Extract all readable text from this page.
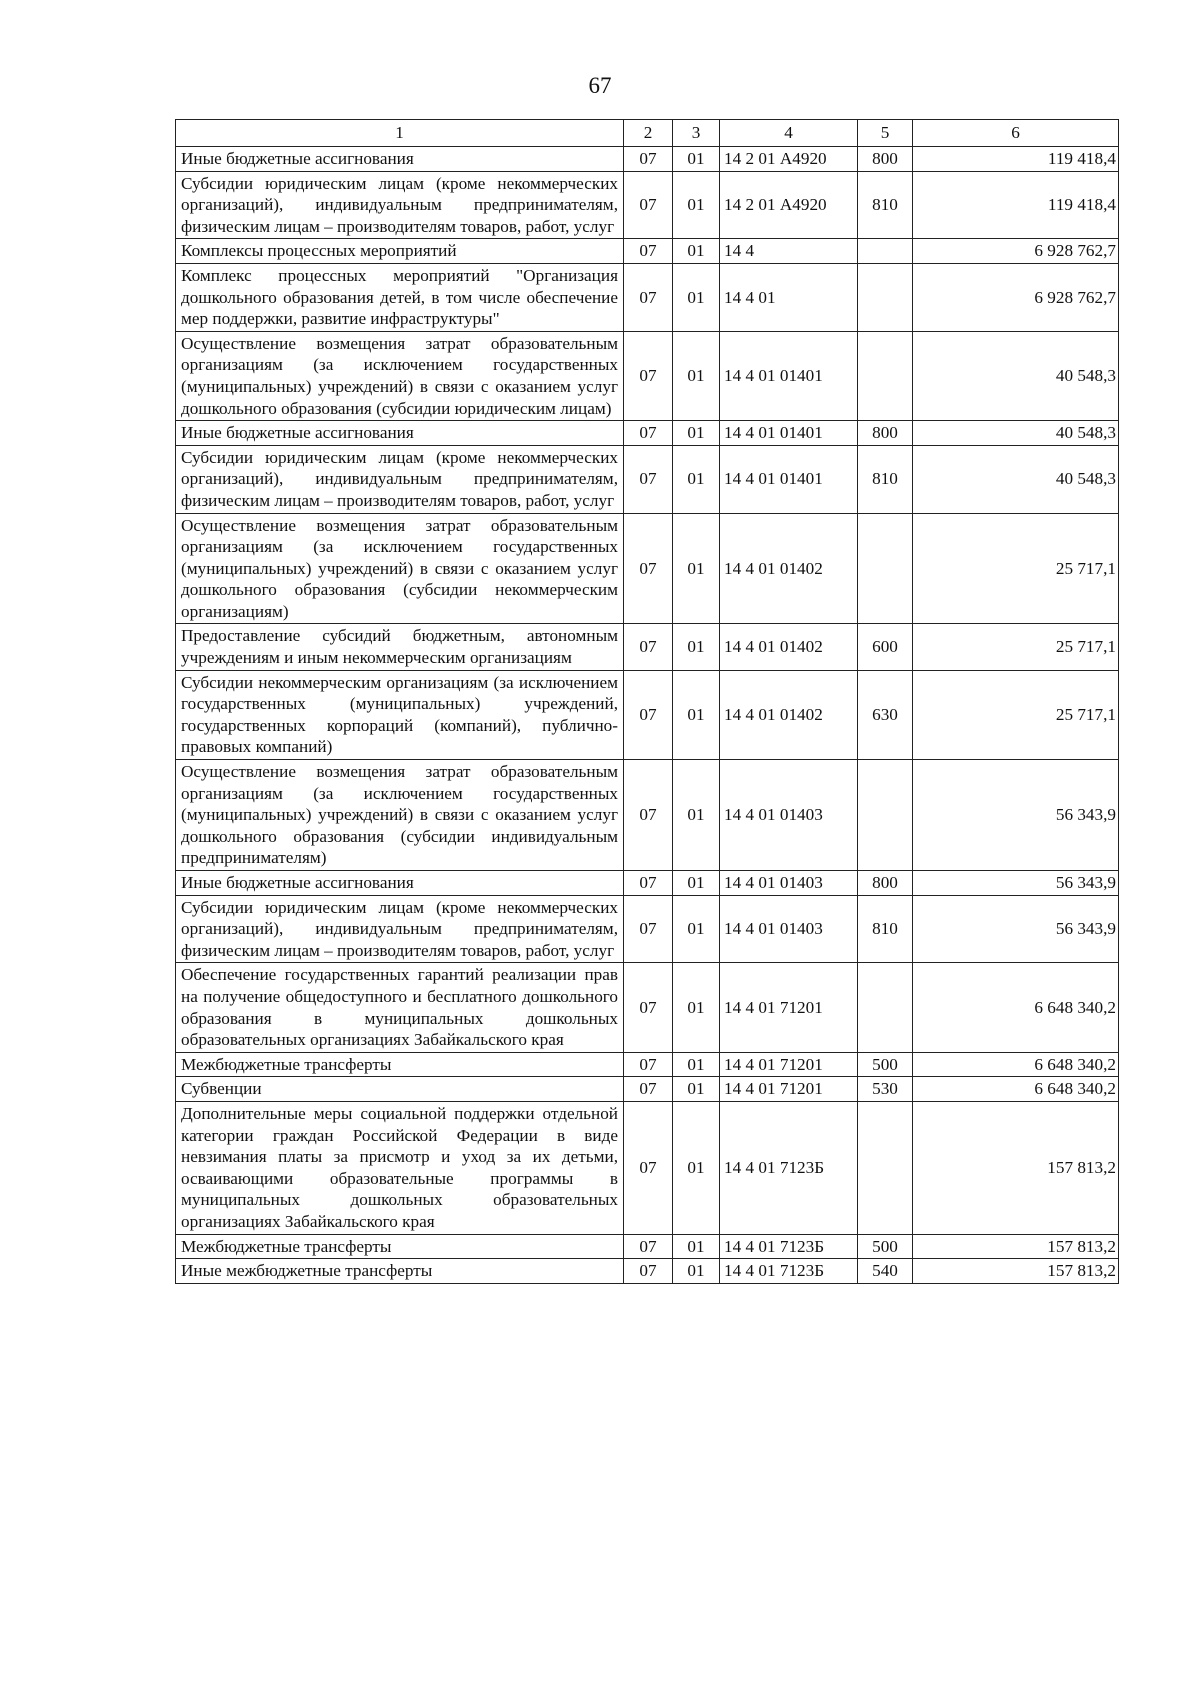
67
1	2	3	4	5	6
Иные бюджетные ассигнования	07	01	14 2 01 А4920	800	119 418,4
Субсидии юридическим лицам (кроме некоммерческих организаций), индивидуальным предпринимателям, физическим лицам – производителям товаров, работ, услуг	07	01	14 2 01 А4920	810	119 418,4
Комплексы процессных мероприятий	07	01	14 4		6 928 762,7
Комплекс процессных мероприятий "Организация дошкольного образования детей, в том числе обеспечение мер поддержки, развитие инфраструктуры"	07	01	14 4 01		6 928 762,7
Осуществление возмещения затрат образовательным организациям (за исключением государственных (муниципальных) учреждений) в связи с оказанием услуг дошкольного образования (субсидии юридическим лицам)	07	01	14 4 01 01401		40 548,3
Иные бюджетные ассигнования	07	01	14 4 01 01401	800	40 548,3
Субсидии юридическим лицам (кроме некоммерческих организаций), индивидуальным предпринимателям, физическим лицам – производителям товаров, работ, услуг	07	01	14 4 01 01401	810	40 548,3
Осуществление возмещения затрат образовательным организациям (за исключением государственных (муниципальных) учреждений) в связи с оказанием услуг дошкольного образования (субсидии некоммерческим организациям)	07	01	14 4 01 01402		25 717,1
Предоставление субсидий бюджетным, автономным учреждениям и иным некоммерческим организациям	07	01	14 4 01 01402	600	25 717,1
Субсидии некоммерческим организациям (за исключением государственных (муниципальных) учреждений, государственных корпораций (компаний), публично-правовых компаний)	07	01	14 4 01 01402	630	25 717,1
Осуществление возмещения затрат образовательным организациям (за исключением государственных (муниципальных) учреждений) в связи с оказанием услуг дошкольного образования (субсидии индивидуальным предпринимателям)	07	01	14 4 01 01403		56 343,9
Иные бюджетные ассигнования	07	01	14 4 01 01403	800	56 343,9
Субсидии юридическим лицам (кроме некоммерческих организаций), индивидуальным предпринимателям, физическим лицам – производителям товаров, работ, услуг	07	01	14 4 01 01403	810	56 343,9
Обеспечение государственных гарантий реализации прав на получение общедоступного и бесплатного дошкольного образования в муниципальных дошкольных образовательных организациях Забайкальского края	07	01	14 4 01 71201		6 648 340,2
Межбюджетные трансферты	07	01	14 4 01 71201	500	6 648 340,2
Субвенции	07	01	14 4 01 71201	530	6 648 340,2
Дополнительные меры социальной поддержки отдельной категории граждан Российской Федерации в виде невзимания платы за присмотр и уход за их детьми, осваивающими образовательные программы в муниципальных дошкольных образовательных организациях Забайкальского края	07	01	14 4 01 7123Б		157 813,2
Межбюджетные трансферты	07	01	14 4 01 7123Б	500	157 813,2
Иные межбюджетные трансферты	07	01	14 4 01 7123Б	540	157 813,2
